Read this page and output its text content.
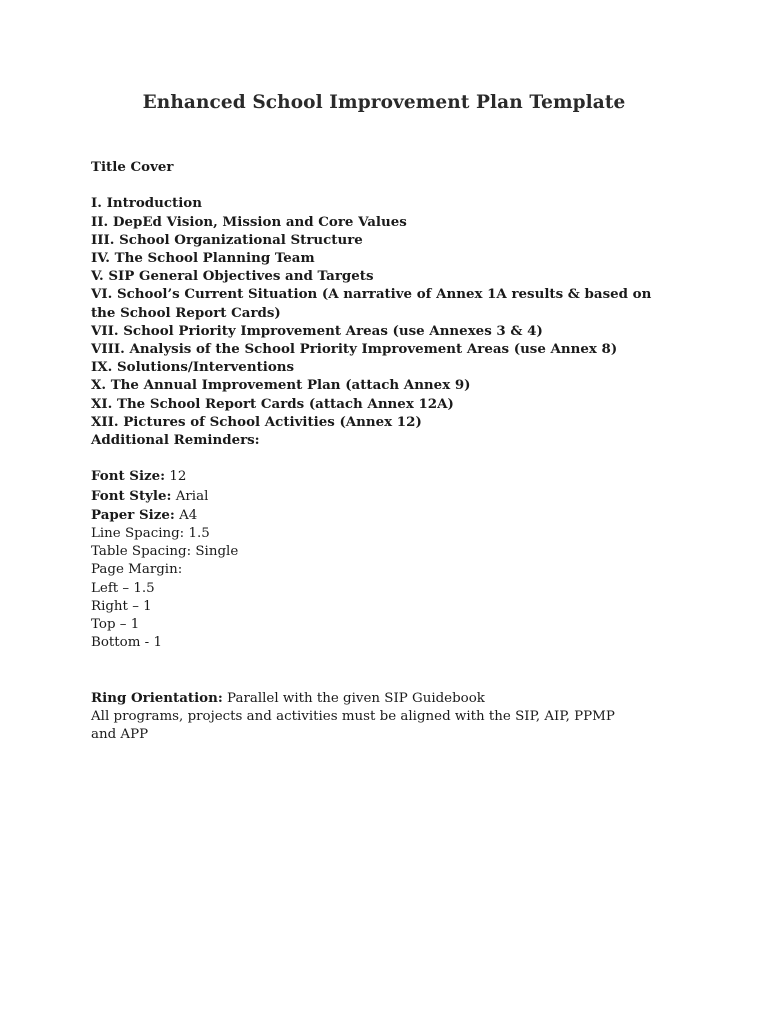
Enhanced School Improvement Plan Template
Title Cover
I. Introduction
II. DepEd Vision, Mission and Core Values
III. School Organizational Structure
IV. The School Planning Team
V. SIP General Objectives and Targets
VI. School’s Current Situation (A narrative of Annex 1A results & based on
the School Report Cards)
VII. School Priority Improvement Areas (use Annexes 3 & 4)
VIII. Analysis of the School Priority Improvement Areas (use Annex 8)
IX. Solutions/Interventions
X. The Annual Improvement Plan (attach Annex 9)
XI. The School Report Cards (attach Annex 12A)
XII. Pictures of School Activities (Annex 12)
Additional Reminders:
Font Size: 12
Font Style: Arial
Paper Size: A4
Line Spacing: 1.5
Table Spacing: Single
Page Margin:
Left – 1.5
Right – 1
Top – 1
Bottom - 1
Ring Orientation: Parallel with the given SIP Guidebook
All programs, projects and activities must be aligned with the SIP, AIP, PPMP
and APP
